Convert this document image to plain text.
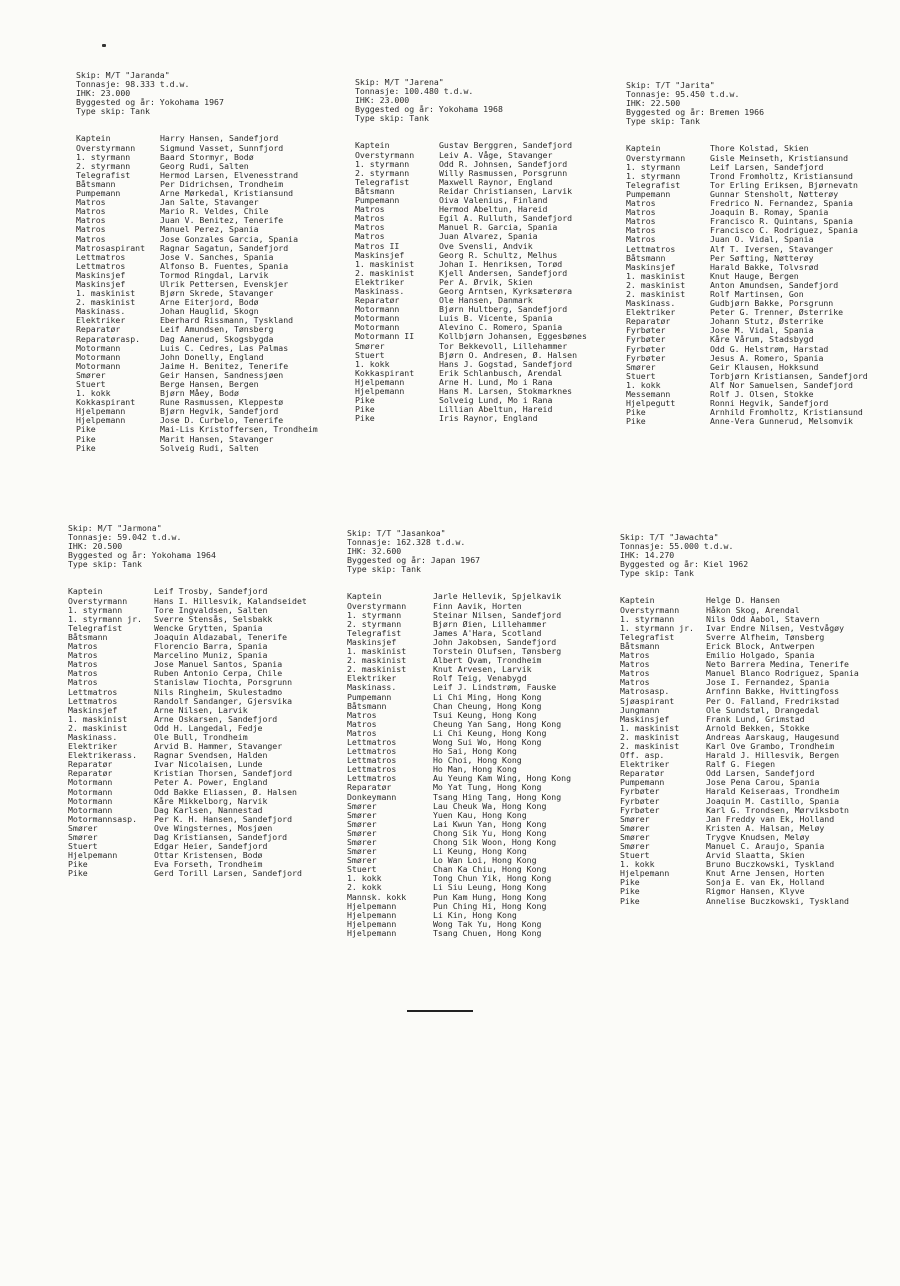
Skip: M/T "Jaranda"
Tonnasje: 98.333 t.d.w.
IHK: 23.000
Byggested og år: Yokohama 1967
Type skip: Tank
Kaptein
Overstyrmann
1. styrmann
2. styrmann
Telegrafist
Båtsmann
Pumpemann
Matros
Matros
Matros
Matros
Matros
Matrosaspirant
Lettmatros
Lettmatros
Maskinsjef
Maskinsjef
1. maskinist
2. maskinist
Maskinass.
Elektriker
Reparatør
Reparatørasp.
Motormann
Motormann
Motormann
Smører
Stuert
1. kokk
Kokkaspirant
Hjelpemann
Hjelpemann
Pike
Pike
Pike
Harry Hansen, Sandefjord
Sigmund Vasset, Sunnfjord
Baard Stormyr, Bodø
Georg Rudi, Salten
Hermod Larsen, Elvenesstrand
Per Didrichsen, Trondheim
Arne Mørkedal, Kristiansund
Jan Salte, Stavanger
Mario R. Veldes, Chile
Juan V. Benitez, Tenerife
Manuel Perez, Spania
Jose Gonzales Garcia, Spania
Ragnar Sagatun, Sandefjord
Jose V. Sanches, Spania
Alfonso B. Fuentes, Spania
Tormod Ringdal, Larvik
Ulrik Pettersen, Evenskjer
Bjørn Skrede, Stavanger
Arne Eiterjord, Bodø
Johan Hauglid, Skogn
Eberhard Rissmann, Tyskland
Leif Amundsen, Tønsberg
Dag Aanerud, Skogsbygda
Luis C. Cedres, Las Palmas
John Donelly, England
Jaime H. Benitez, Tenerife
Geir Hansen, Sandnessjøen
Berge Hansen, Bergen
Bjørn Måey, Bodø
Rune Rasmussen, Kleppestø
Bjørn Hegvik, Sandefjord
Jose D. Curbelo, Tenerife
Mai-Lis Kristoffersen, Trondheim
Marit Hansen, Stavanger
Solveig Rudi, Salten
Skip: M/T "Jarena"
Tonnasje: 100.480 t.d.w.
IHK: 23.000
Byggested og år: Yokohama 1968
Type skip: Tank
Kaptein
Overstyrmann
1. styrmann
2. styrmann
Telegrafist
Båtsmann
Pumpemann
Matros
Matros
Matros
Matros
Matros II
Maskinsjef
1. maskinist
2. maskinist
Elektriker
Maskinass.
Reparatør
Motormann
Motormann
Motormann
Motormann II
Smører
Stuert
1. kokk
Kokkaspirant
Hjelpemann
Hjelpemann
Pike
Pike
Pike
Gustav Berggren, Sandefjord
Leiv A. Våge, Stavanger
Odd R. Johnsen, Sandefjord
Willy Rasmussen, Porsgrunn
Maxwell Raynor, England
Reidar Christiansen, Larvik
Oiva Valenius, Finland
Hermod Abeltun, Hareid
Egil A. Rulluth, Sandefjord
Manuel R. Garcia, Spania
Juan Alvarez, Spania
Ove Svensli, Andvik
Georg R. Schultz, Melhus
Johan I. Henriksen, Torød
Kjell Andersen, Sandefjord
Per A. Ørvik, Skien
Georg Arntsen, Kyrksæterøra
Ole Hansen, Danmark
Bjørn Hultberg, Sandefjord
Luis B. Vicente, Spania
Alevino C. Romero, Spania
Kollbjørn Johansen, Eggesbønes
Tor Bekkevoll, Lillehammer
Bjørn O. Andresen, Ø. Halsen
Hans J. Gogstad, Sandefjord
Erik Schlanbusch, Arendal
Arne H. Lund, Mo i Rana
Hans M. Larsen, Stokmarknes
Solveig Lund, Mo i Rana
Lillian Abeltun, Hareid
Iris Raynor, England
Skip: T/T "Jarita"
Tonnasje: 95.450 t.d.w.
IHK: 22.500
Byggested og år: Bremen 1966
Type skip: Tank
Kaptein
Overstyrmann
1. styrmann
1. styrmann
Telegrafist
Pumpemann
Matros
Matros
Matros
Matros
Matros
Lettmatros
Båtsmann
Maskinsjef
1. maskinist
2. maskinist
2. maskinist
Maskinass.
Elektriker
Reparatør
Fyrbøter
Fyrbøter
Fyrbøter
Fyrbøter
Smører
Stuert
1. kokk
Messemann
Hjelpegutt
Pike
Pike
Thore Kolstad, Skien
Gisle Meinseth, Kristiansund
Leif Larsen, Sandefjord
Trond Fromholtz, Kristiansund
Tor Erling Eriksen, Bjørnevatn
Gunnar Stensholt, Nøtterøy
Fredrico N. Fernandez, Spania
Joaquin B. Romay, Spania
Francisco R. Quintans, Spania
Francisco C. Rodriguez, Spania
Juan O. Vidal, Spania
Alf T. Iversen, Stavanger
Per Søfting, Nøtterøy
Harald Bakke, Tolvsrød
Knut Hauge, Bergen
Anton Amundsen, Sandefjord
Rolf Martinsen, Gon
Gudbjørn Bakke, Porsgrunn
Peter G. Trenner, Østerrike
Johann Stutz, Østerrike
Jose M. Vidal, Spania
Kåre Vårum, Stadsbygd
Odd G. Helstrøm, Harstad
Jesus A. Romero, Spania
Geir Klausen, Hokksund
Torbjørn Kristiansen, Sandefjord
Alf Nor Samuelsen, Sandefjord
Rolf J. Olsen, Stokke
Ronni Hegvik, Sandefjord
Arnhild Fromholtz, Kristiansund
Anne-Vera Gunnerud, Melsomvik
Skip: M/T "Jarmona"
Tonnasje: 59.042 t.d.w.
IHK: 20.500
Byggested og år: Yokohama 1964
Type skip: Tank
Kaptein
Overstyrmann
1. styrmann
1. styrmann jr.
Telegrafist
Båtsmann
Matros
Matros
Matros
Matros
Matros
Lettmatros
Lettmatros
Maskinsjef
1. maskinist
2. maskinist
Maskinass.
Elektriker
Elektrikerass.
Reparatør
Reparatør
Motormann
Motormann
Motormann
Motormann
Motormannsasp.
Smører
Smører
Stuert
Hjelpemann
Pike
Pike
Leif Trosby, Sandefjord
Hans I. Hillesvik, Kalandseidet
Tore Ingvaldsen, Salten
Sverre Stensås, Selsbakk
Wencke Grytten, Spania
Joaquin Aldazabal, Tenerife
Florencio Barra, Spania
Marcelino Muniz, Spania
Jose Manuel Santos, Spania
Ruben Antonio Cerpa, Chile
Stanislaw Tiochta, Porsgrunn
Nils Ringheim, Skulestadmo
Randolf Sandanger, Gjersvika
Arne Nilsen, Larvik
Arne Oskarsen, Sandefjord
Odd H. Langedal, Fedje
Ole Bull, Trondheim
Arvid B. Hammer, Stavanger
Ragnar Svendsen, Halden
Ivar Nicolaisen, Lunde
Kristian Thorsen, Sandefjord
Peter A. Power, England
Odd Bakke Eliassen, Ø. Halsen
Kåre Mikkelborg, Narvik
Dag Karlsen, Nannestad
Per K. H. Hansen, Sandefjord
Ove Wingsternes, Mosjøen
Dag Kristiansen, Sandefjord
Edgar Heier, Sandefjord
Ottar Kristensen, Bodø
Eva Forseth, Trondheim
Gerd Torill Larsen, Sandefjord
Skip: T/T "Jasankoa"
Tonnasje: 162.328 t.d.w.
IHK: 32.600
Byggested og år: Japan 1967
Type skip: Tank
Kaptein
Overstyrmann
1. styrmann
2. styrmann
Telegrafist
Maskinsjef
1. maskinist
2. maskinist
2. maskinist
Elektriker
Maskinass.
Pumpemann
Båtsmann
Matros
Matros
Matros
Lettmatros
Lettmatros
Lettmatros
Lettmatros
Lettmatros
Reparatør
Donkeymann
Smører
Smører
Smører
Smører
Smører
Smører
Smører
Stuert
1. kokk
2. kokk
Mannsk. kokk
Hjelpemann
Hjelpemann
Hjelpemann
Hjelpemann
Jarle Hellevik, Spjelkavik
Finn Aavik, Horten
Steinar Nilsen, Sandefjord
Bjørn Øien, Lillehammer
James A'Hara, Scotland
John Jakobsen, Sandefjord
Torstein Olufsen, Tønsberg
Albert Qvam, Trondheim
Knut Arvesen, Larvik
Rolf Teig, Venabygd
Leif J. Lindstrøm, Fauske
Li Chi Ming, Hong Kong
Chan Cheung, Hong Kong
Tsui Keung, Hong Kong
Cheung Yan Sang, Hong Kong
Li Chi Keung, Hong Kong
Wong Sui Wo, Hong Kong
Ho Sai, Hong Kong
Ho Choi, Hong Kong
Ho Man, Hong Kong
Au Yeung Kam Wing, Hong Kong
Mo Yat Tung, Hong Kong
Tsang Hing Tang, Hong Kong
Lau Cheuk Wa, Hong Kong
Yuen Kau, Hong Kong
Lai Kwun Yan, Hong Kong
Chong Sik Yu, Hong Kong
Chong Sik Woon, Hong Kong
Li Keung, Hong Kong
Lo Wan Loi, Hong Kong
Chan Ka Chiu, Hong Kong
Tong Chun Yik, Hong Kong
Li Siu Leung, Hong Kong
Pun Kam Hung, Hong Kong
Pun Ching Hi, Hong Kong
Li Kin, Hong Kong
Wong Tak Yu, Hong Kong
Tsang Chuen, Hong Kong
Skip: T/T "Jawachta"
Tonnasje: 55.000 t.d.w.
IHK: 14.270
Byggested og år: Kiel 1962
Type skip: Tank
Kaptein
Overstyrmann
1. styrmann
1. styrmann jr.
Telegrafist
Båtsmann
Matros
Matros
Matros
Matros
Matrosasp.
Sjøaspirant
Jungmann
Maskinsjef
1. maskinist
2. maskinist
2. maskinist
Off. asp.
Elektriker
Reparatør
Pumpemann
Fyrbøter
Fyrbøter
Fyrbøter
Smører
Smører
Smører
Smører
Stuert
1. kokk
Hjelpemann
Pike
Pike
Pike
Helge D. Hansen
Håkon Skog, Arendal
Nils Odd Aabol, Stavern
Ivar Endre Nilsen, Vestvågøy
Sverre Alfheim, Tønsberg
Erick Block, Antwerpen
Emilio Holgado, Spania
Neto Barrera Medina, Tenerife
Manuel Blanco Rodriguez, Spania
Jose I. Fernandez, Spania
Arnfinn Bakke, Hvittingfoss
Per O. Falland, Fredrikstad
Ole Sundstøl, Drangedal
Frank Lund, Grimstad
Arnold Bekken, Stokke
Andreas Aarskaug, Haugesund
Karl Ove Grambo, Trondheim
Harald J. Hillesvik, Bergen
Ralf G. Fiegen
Odd Larsen, Sandefjord
Jose Pena Carou, Spania
Harald Keiseraas, Trondheim
Joaquin M. Castillo, Spania
Karl G. Trondsen, Mørviksbotn
Jan Freddy van Ek, Holland
Kristen A. Halsan, Meløy
Trygve Knudsen, Meløy
Manuel C. Araujo, Spania
Arvid Slaatta, Skien
Bruno Buczkowski, Tyskland
Knut Arne Jensen, Horten
Sonja E. van Ek, Holland
Rigmor Hansen, Klyve
Annelise Buczkowski, Tyskland
